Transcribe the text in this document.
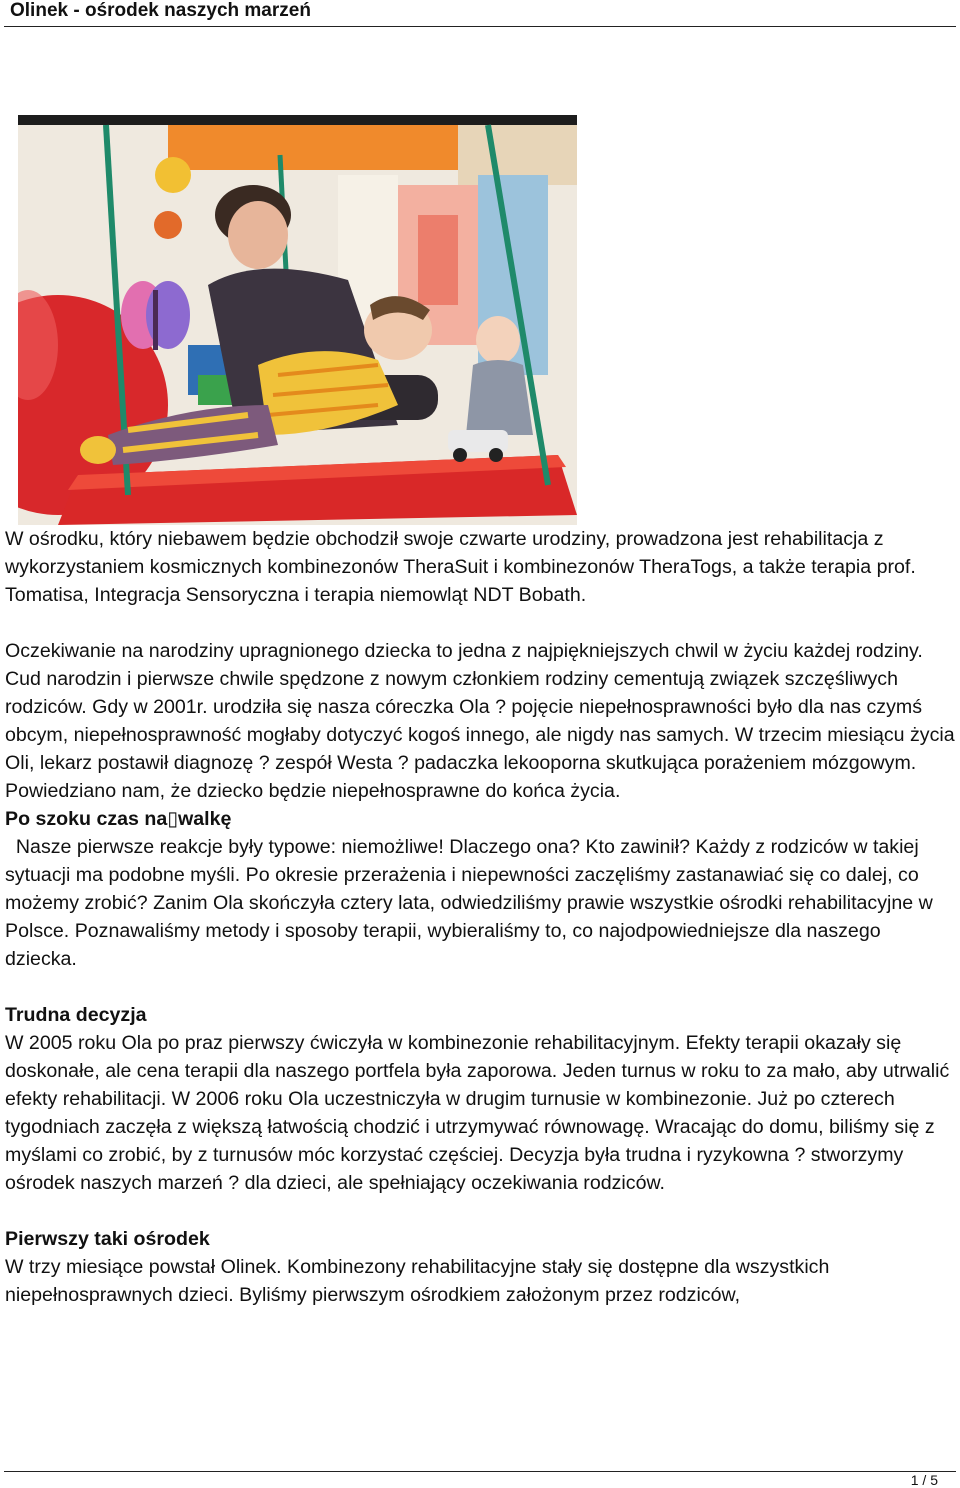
Olinek - ośrodek naszych marzeń

W ośrodku, który niebawem będzie obchodził swoje czwarte urodziny, prowadzona jest rehabilitacja z wykorzystaniem kosmicznych kombinezonów TheraSuit i kombinezonów TheraTogs, a także terapia prof. Tomatisa, Integracja Sensoryczna i terapia niemowląt NDT Bobath.

Oczekiwanie na narodziny upragnionego dziecka to jedna z najpiękniejszych chwil w życiu każdej rodziny. Cud narodzin i pierwsze chwile spędzone z nowym członkiem rodziny cementują związek szczęśliwych rodziców. Gdy w 2001r. urodziła się nasza córeczka Ola ? pojęcie niepełnosprawności było dla nas czymś obcym, niepełnosprawność mogłaby dotyczyć kogoś innego, ale nigdy nas samych. W trzecim miesiącu życia Oli, lekarz postawił diagnozę ? zespół Westa ? padaczka lekooporna skutkująca porażeniem mózgowym. Powiedziano nam, że dziecko będzie niepełnosprawne do końca życia.

Po szoku czas na▯walkę

Nasze pierwsze reakcje były typowe: niemożliwe! Dlaczego ona? Kto zawinił? Każdy z rodziców w takiej sytuacji ma podobne myśli. Po okresie przerażenia i niepewności zaczęliśmy zastanawiać się co dalej, co możemy zrobić? Zanim Ola skończyła cztery lata, odwiedziliśmy prawie wszystkie ośrodki rehabilitacyjne w Polsce. Poznawaliśmy metody i sposoby terapii, wybieraliśmy to, co najodpowiedniejsze dla naszego dziecka.

Trudna decyzja

W 2005 roku Ola po praz pierwszy ćwiczyła w kombinezonie rehabilitacyjnym. Efekty terapii okazały się doskonałe, ale cena terapii dla naszego portfela była zaporowa. Jeden turnus w roku to za mało, aby utrwalić efekty rehabilitacji. W 2006 roku Ola uczestniczyła w drugim turnusie w kombinezonie. Już po czterech tygodniach zaczęła z większą łatwością chodzić i utrzymywać równowagę. Wracając do domu, biliśmy się z myślami co zrobić, by z turnusów móc korzystać częściej. Decyzja była trudna i ryzykowna ? stworzymy ośrodek naszych marzeń ? dla dzieci, ale spełniający oczekiwania rodziców.

Pierwszy taki ośrodek

W trzy miesiące powstał Olinek. Kombinezony rehabilitacyjne stały się dostępne dla wszystkich niepełnosprawnych dzieci. Byliśmy pierwszym ośrodkiem założonym przez rodziców,

1 / 5
